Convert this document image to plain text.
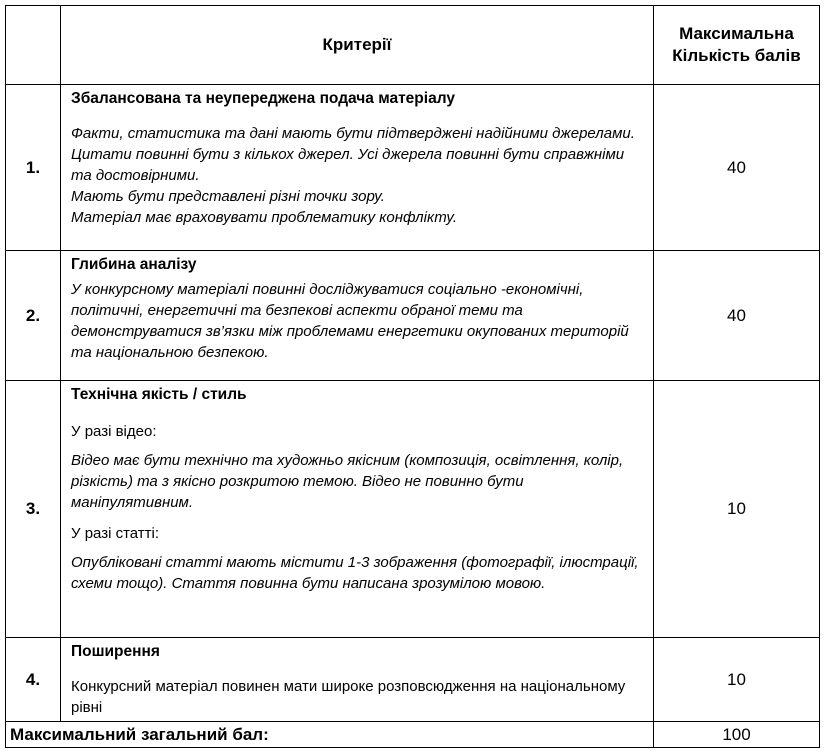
	Критерії	Максимальна Кількість балів
1.	Збалансована та неупереджена подача матеріалу

Факти, статистика та дані мають бути підтверджені надійними джерелами.

Цитати повинні бути з кількох джерел. Усі джерела повинні бути справжніми та достовірними.

Мають бути представлені різні точки зору.

Матеріал має враховувати проблематику конфлікту.	40
2.	Глибина аналізу

У конкурсному матеріалі повинні досліджуватися соціально -економічні, політичні, енергетичні та безпекові аспекти обраної теми та демонструватися зв’язки між проблемами енергетики окупованих територій та національною безпекою.	40
3.	Технічна якість / стиль

У разі відео:

Відео має бути технічно та художньо якісним (композиція, освітлення, колір, різкість) та з якісно розкритою темою. Відео не повинно бути маніпулятивним.

У разі статті:

Опубліковані статті мають містити 1-3 зображення (фотографії, ілюстрації, схеми тощо). Стаття повинна бути написана зрозумілою мовою.	10
4.	Поширення

Конкурсний матеріал повинен мати широке розповсюдження на національному рівні	10
Максимальний загальний бал:		100
